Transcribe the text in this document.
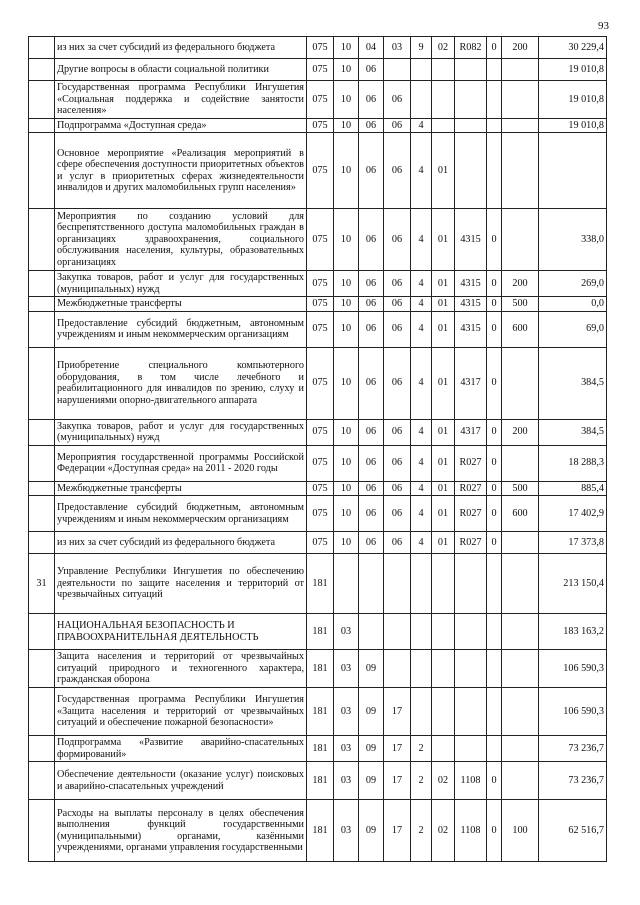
93
	из них за счет субсидий из федерального бюджета	075	10	04	03	9	02	R082	0	200	30 229,4
	Другие вопросы в области социальной политики	075	10	06							19 010,8
	Государственная программа Республики Ингушетия «Социальная поддержка и содействие занятости населения»	075	10	06	06						19 010,8
	Подпрограмма «Доступная среда»	075	10	06	06	4					19 010,8
	Основное мероприятие «Реализация мероприятий в сфере обеспечения доступности приоритетных объектов и услуг в приоритетных сферах жизнедеятельности инвалидов и других маломобильных групп населения»	075	10	06	06	4	01				
	Мероприятия по созданию условий для беспрепятственного доступа маломобильных граждан в организациях здравоохранения, социального обслуживания населения, культуры, образовательных организациях	075	10	06	06	4	01	4315	0		338,0
	Закупка товаров, работ и услуг для государственных (муниципальных) нужд	075	10	06	06	4	01	4315	0	200	269,0
	Межбюджетные трансферты	075	10	06	06	4	01	4315	0	500	0,0
	Предоставление субсидий бюджетным, автономным учреждениям и иным некоммерческим организациям	075	10	06	06	4	01	4315	0	600	69,0
	Приобретение специального компьютерного оборудования, в том числе лечебного и реабилитационного для инвалидов по зрению, слуху и нарушениями опорно-двигательного аппарата	075	10	06	06	4	01	4317	0		384,5
	Закупка товаров, работ и услуг для государственных (муниципальных) нужд	075	10	06	06	4	01	4317	0	200	384,5
	Мероприятия государственной программы Российской Федерации «Доступная среда» на 2011 - 2020 годы	075	10	06	06	4	01	R027	0		18 288,3
	Межбюджетные трансферты	075	10	06	06	4	01	R027	0	500	885,4
	Предоставление субсидий бюджетным, автономным учреждениям и иным некоммерческим организациям	075	10	06	06	4	01	R027	0	600	17 402,9
	из них за счет субсидий из федерального бюджета	075	10	06	06	4	01	R027	0		17 373,8
31	Управление Республики Ингушетия по обеспечению деятельности по защите населения и территорий от чрезвычайных ситуаций	181									213 150,4
	НАЦИОНАЛЬНАЯ БЕЗОПАСНОСТЬ И ПРАВООХРАНИТЕЛЬНАЯ ДЕЯТЕЛЬНОСТЬ	181	03								183 163,2
	Защита населения и территорий от чрезвычайных ситуаций природного и техногенного характера, гражданская оборона	181	03	09							106 590,3
	Государственная программа Республики Ингушетия «Защита населения и территорий от чрезвычайных ситуаций и обеспечение пожарной безопасности»	181	03	09	17						106 590,3
	Подпрограмма «Развитие аварийно-спасательных формирований»	181	03	09	17	2					73 236,7
	Обеспечение деятельности (оказание услуг) поисковых и аварийно-спасательных учреждений	181	03	09	17	2	02	1108	0		73 236,7
	Расходы на выплаты персоналу в целях обеспечения выполнения функций государственными (муниципальными) органами, казёнными учреждениями, органами управления государственными	181	03	09	17	2	02	1108	0	100	62 516,7
